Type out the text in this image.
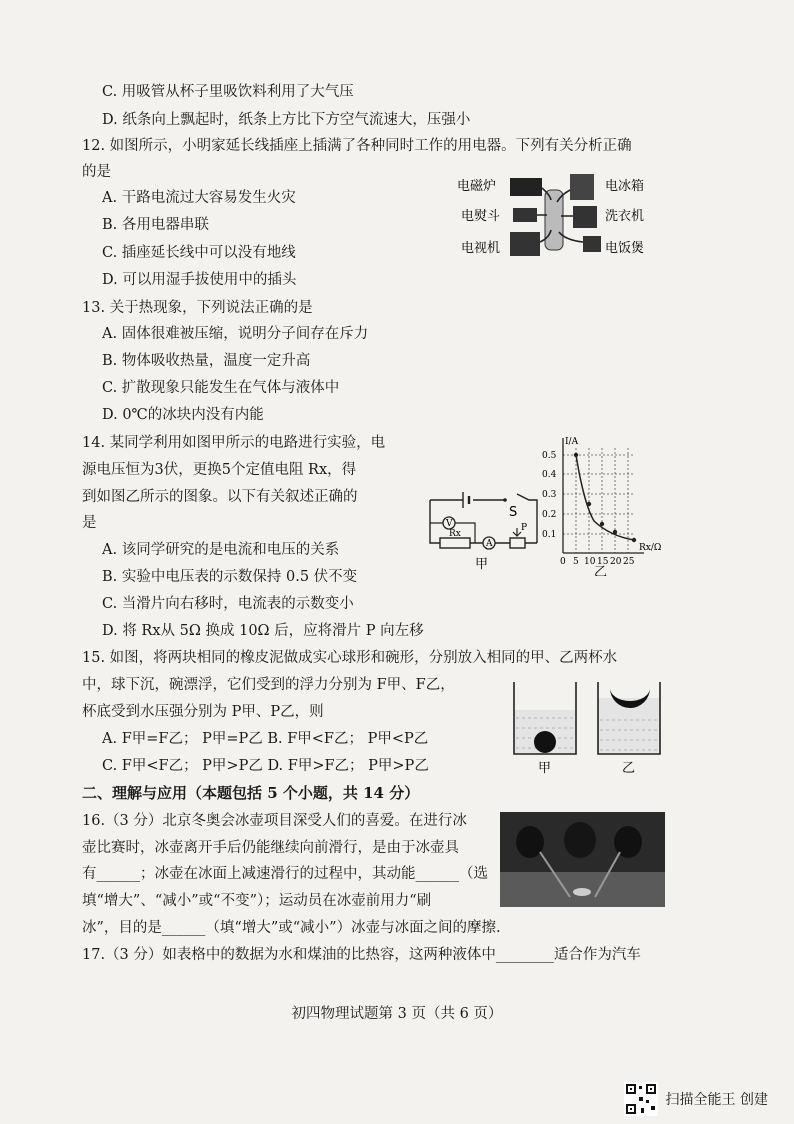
C. 用吸管从杯子里吸饮料利用了大气压
D. 纸条向上飘起时，纸条上方比下方空气流速大，压强小
12. 如图所示，小明家延长线插座上插满了各种同时工作的用电器。下列有关分析正确
的是
A. 干路电流过大容易发生火灾
B. 各用电器串联
C. 插座延长线中可以没有地线
D. 可以用湿手拔使用中的插头
13. 关于热现象，下列说法正确的是
A. 固体很难被压缩，说明分子间存在斥力
B. 物体吸收热量，温度一定升高
C. 扩散现象只能发生在气体与液体中
D. 0℃的冰块内没有内能
14. 某同学利用如图甲所示的电路进行实验，电
源电压恒为3伏，更换5个定值电阻 Rx，得
到如图乙所示的图象。以下有关叙述正确的
是
A. 该同学研究的是电流和电压的关系
B. 实验中电压表的示数保持 0.5 伏不变
C. 当滑片向右移时，电流表的示数变小
D. 将 Rx从 5Ω 换成 10Ω 后，应将滑片 P 向左移
15. 如图，将两块相同的橡皮泥做成实心球形和碗形，分别放入相同的甲、乙两杯水
中，球下沉，碗漂浮，它们受到的浮力分别为 F甲、F乙，
杯底受到水压强分别为 P甲、P乙，则
A. F甲=F乙； P甲=P乙 B. F甲<F乙； P甲<P乙
C. F甲<F乙； P甲>P乙 D. F甲>F乙； P甲>P乙
二、理解与应用（本题包括 5 个小题，共 14 分）
16.（3 分）北京冬奥会冰壶项目深受人们的喜爱。在进行冰
壶比赛时，冰壶离开手后仍能继续向前滑行，是由于冰壶具
有______；冰壶在冰面上减速滑行的过程中，其动能______（选
填“增大”、“减小”或“不变”）；运动员在冰壶前用力“刷
冰”，目的是______（填“增大”或“减小”）冰壶与冰面之间的摩擦.
17.（3 分）如表格中的数据为水和煤油的比热容，这两种液体中________适合作为汽车
电磁炉	电冰箱
电熨斗	洗衣机
电视机	电饭煲
S
Rx
A
P
V
甲
I/A
Rx/Ω
0.5
0.4
0.3
0.2
0.1
0 5 10 15 20 25
乙
甲	乙
初四物理试题第 3 页（共 6 页）
扫描全能王 创建
